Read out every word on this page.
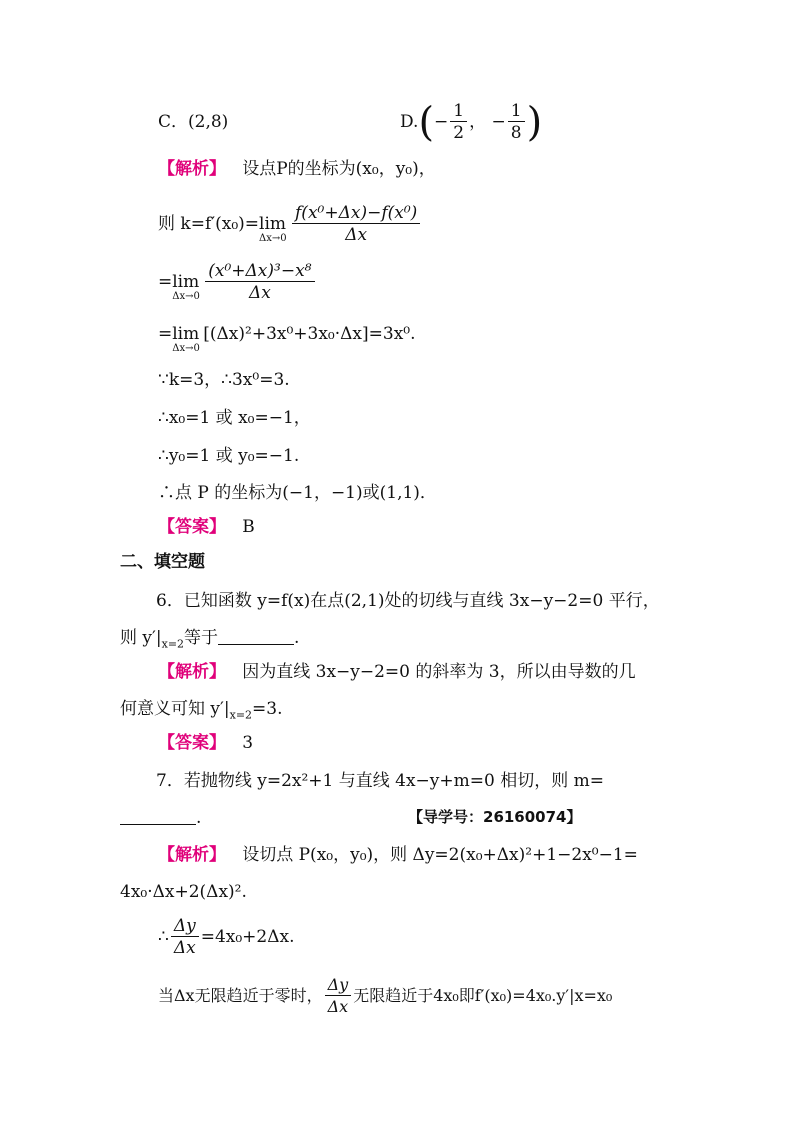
C．(2,8)	$D.(- \frac{1}{2}$ ， − $\frac{1}{8}$ )
【解析】 设点P的坐标为(x₀，y₀)，
则 k=f′(x₀)=lim
$\Delta x\to 0 \frac{\text{f(x⁰+Δx)−f(x⁰)}}{\Delta x}$
=lim
$\Delta x\to 0 \frac{\text{(x⁰+Δx)³−x⁸}}{\Delta x}$
=lim
Δx→0
[(Δx)²+3x⁰+3x₀·Δx]=3x⁰.
∵k=3，∴3x⁰=3.
∴x₀=1 或 x₀=−1，
∴y₀=1 或 y₀=−1.
∴点 P 的坐标为(−1，−1)或(1,1)．
【答案】 B
二、填空题
6．已知函数 y=f(x)在点(2,1)处的切线与直线 3x−y−2=0 平行，
则 $y'|_{x=2}$等于	.
【解析】 因为直线 3x−y−2=0 的斜率为 3，所以由导数的几
何意义可知 $y'|_{x=2}=3$.
【答案】 3
7．若抛物线 y=2x²+1 与直线 4x−y+m=0 相切，则 m=
.	【导学号：26160074】
【解析】 设切点 P(x₀，y₀)，则 Δy=2(x₀+Δx)²+1−2x⁰−1=
4x₀·Δx+2(Δx)².
∴ $\frac{\Delta y}{\Delta x} =4x_0+2\Delta x$.
当Δx无限趋近于零时， $\frac{\Delta y}{\Delta x}$ 无限趋近于4x₀即f′(x₀)=4x₀.y′|x=x₀
